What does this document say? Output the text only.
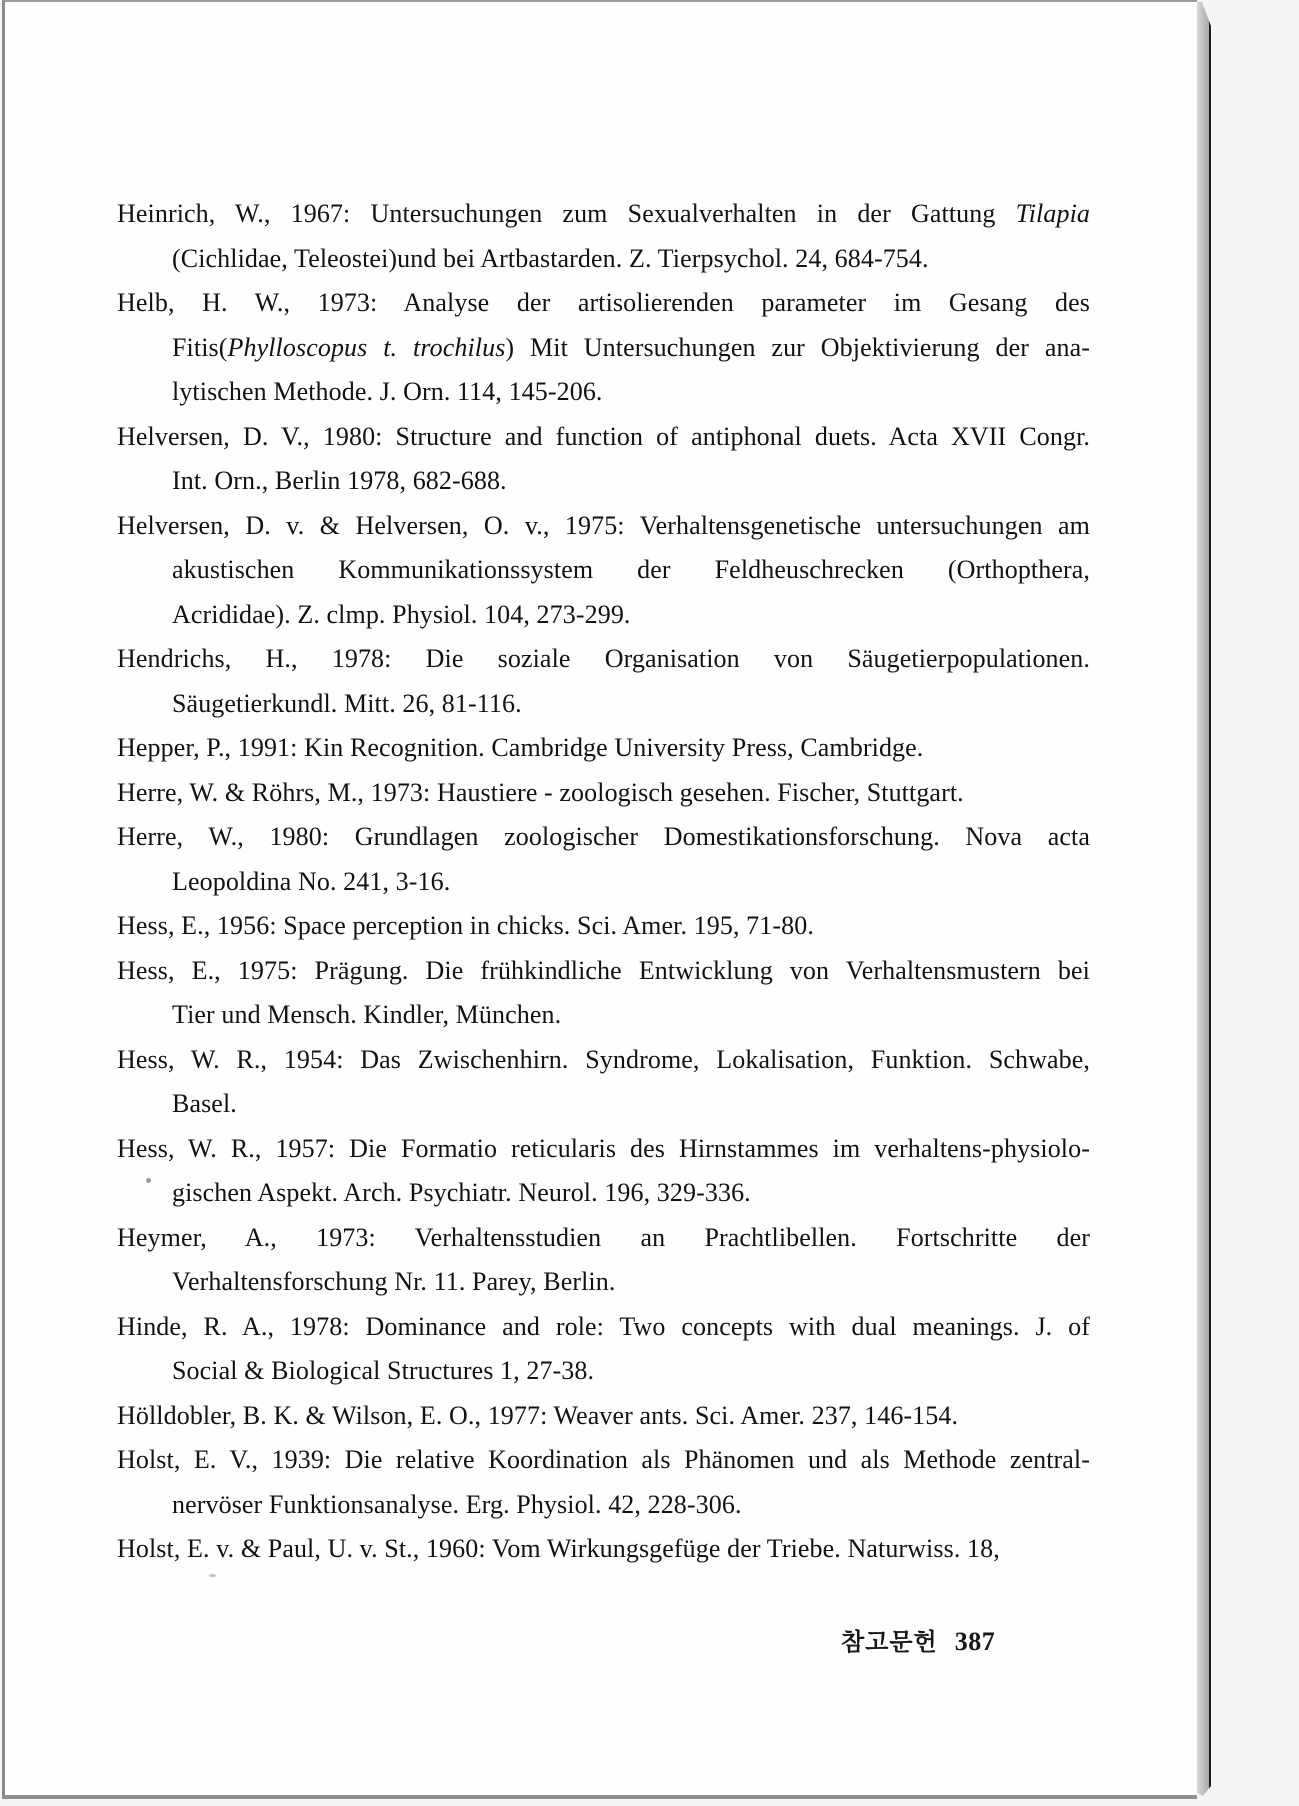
Heinrich, W., 1967: Untersuchungen zum Sexualverhalten in der Gattung Tilapia
(Cichlidae, Teleostei)und bei Artbastarden. Z. Tierpsychol. 24, 684-754.
Helb, H. W., 1973: Analyse der artisolierenden parameter im Gesang des
Fitis(Phylloscopus t. trochilus) Mit Untersuchungen zur Objektivierung der ana-
lytischen Methode. J. Orn. 114, 145-206.
Helversen, D. V., 1980: Structure and function of antiphonal duets. Acta XVII Congr.
Int. Orn., Berlin 1978, 682-688.
Helversen, D. v. & Helversen, O. v., 1975: Verhaltensgenetische untersuchungen am
akustischen Kommunikationssystem der Feldheuschrecken (Orthopthera,
Acrididae). Z. clmp. Physiol. 104, 273-299.
Hendrichs, H., 1978: Die soziale Organisation von Säugetierpopulationen.
Säugetierkundl. Mitt. 26, 81-116.
Hepper, P., 1991: Kin Recognition. Cambridge University Press, Cambridge.
Herre, W. & Röhrs, M., 1973: Haustiere - zoologisch gesehen. Fischer, Stuttgart.
Herre, W., 1980: Grundlagen zoologischer Domestikationsforschung. Nova acta
Leopoldina No. 241, 3-16.
Hess, E., 1956: Space perception in chicks. Sci. Amer. 195, 71-80.
Hess, E., 1975: Prägung. Die frühkindliche Entwicklung von Verhaltensmustern bei
Tier und Mensch. Kindler, München.
Hess, W. R., 1954: Das Zwischenhirn. Syndrome, Lokalisation, Funktion. Schwabe,
Basel.
Hess, W. R., 1957: Die Formatio reticularis des Hirnstammes im verhaltens-physiolo-
gischen Aspekt. Arch. Psychiatr. Neurol. 196, 329-336.
Heymer, A., 1973: Verhaltensstudien an Prachtlibellen. Fortschritte der
Verhaltensforschung Nr. 11. Parey, Berlin.
Hinde, R. A., 1978: Dominance and role: Two concepts with dual meanings. J. of
Social & Biological Structures 1, 27-38.
Hölldobler, B. K. & Wilson, E. O., 1977: Weaver ants. Sci. Amer. 237, 146-154.
Holst, E. V., 1939: Die relative Koordination als Phänomen und als Methode zentral-
nervöser Funktionsanalyse. Erg. Physiol. 42, 228-306.
Holst, E. v. & Paul, U. v. St., 1960: Vom Wirkungsgefüge der Triebe. Naturwiss. 18,
참고문헌 387
